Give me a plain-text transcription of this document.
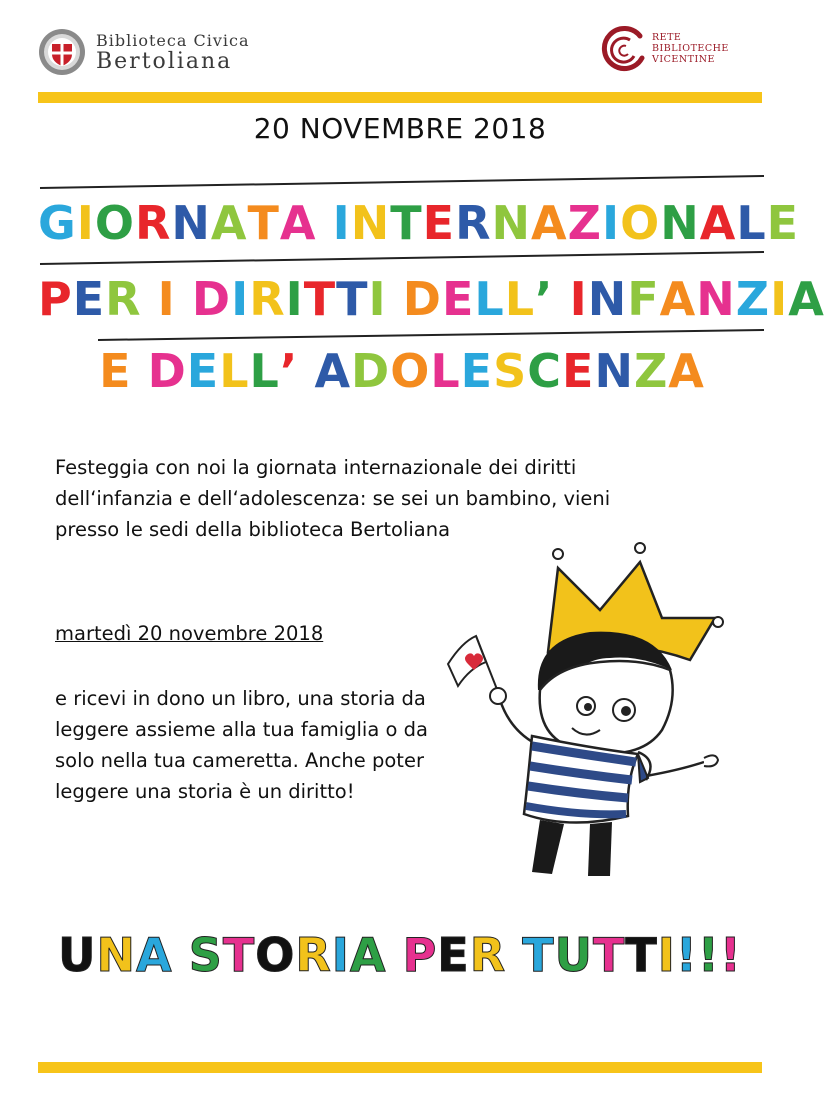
Biblioteca Civica
Bertoliana
RETE
BIBLIOTECHE
VICENTINE
20 NOVEMBRE 2018
GIORNATA INTERNAZIONALE
PER I DIRITTI DELL’ INFANZIA
E DELL’ ADOLESCENZA
Festeggia con noi la giornata internazionale dei diritti dell‘infanzia e dell‘adolescenza: se sei un bambino, vieni presso le sedi della biblioteca Bertoliana
martedì 20 novembre 2018
e ricevi in dono un libro, una storia da leggere assieme alla tua famiglia o da solo nella tua cameretta. Anche poter leggere una storia è un diritto!
UNA STORIA PER TUTTI!!!
